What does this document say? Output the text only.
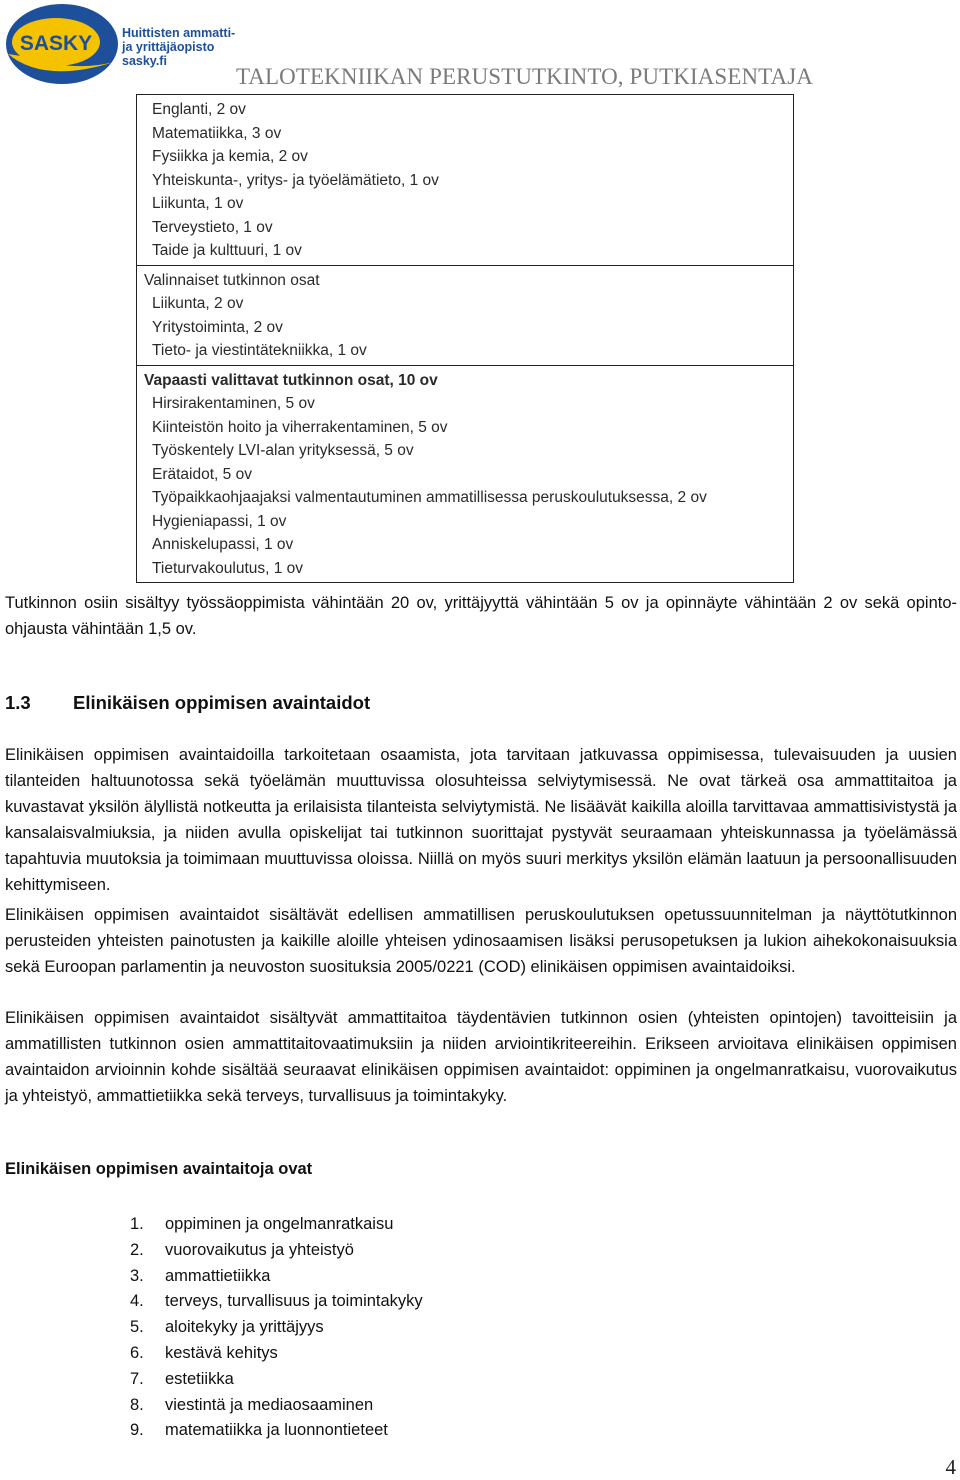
SASKY Huittisten ammatti-
ja yrittäjäopisto
sasky.fi
TALOTEKNIIKAN PERUSTUTKINTO, PUTKIASENTAJA
Englanti, 2 ov
Matematiikka, 3 ov
Fysiikka ja kemia, 2 ov
Yhteiskunta-, yritys- ja työelämätieto, 1 ov
Liikunta, 1 ov
Terveystieto, 1 ov
Taide ja kulttuuri, 1 ov
Valinnaiset tutkinnon osat
Liikunta, 2 ov
Yritystoiminta, 2 ov
Tieto- ja viestintätekniikka, 1 ov
Vapaasti valittavat tutkinnon osat, 10 ov
Hirsirakentaminen, 5 ov
Kiinteistön hoito ja viherrakentaminen, 5 ov
Työskentely LVI-alan yrityksessä, 5 ov
Erätaidot, 5 ov
Työpaikkaohjaajaksi valmentautuminen ammatillisessa peruskoulutuksessa, 2 ov
Hygieniapassi, 1 ov
Anniskelupassi, 1 ov
Tieturvakoulutus, 1 ov

Tutkinnon osiin sisältyy työssäoppimista vähintään 20 ov, yrittäjyyttä vähintään 5 ov ja opinnäyte vähintään 2 ov sekä opinto-ohjausta vähintään 1,5 ov.

1.3 Elinikäisen oppimisen avaintaidot

Elinikäisen oppimisen avaintaidoilla tarkoitetaan osaamista, jota tarvitaan jatkuvassa oppimisessa, tulevaisuuden ja uusien tilanteiden haltuunotossa sekä työelämän muuttuvissa olosuhteissa selviytymisessä. Ne ovat tärkeä osa ammattitaitoa ja kuvastavat yksilön älyllistä notkeutta ja erilaisista tilanteista selviytymistä. Ne lisäävät kaikilla aloilla tarvittavaa ammattisivistystä ja kansalaisvalmiuksia, ja niiden avulla opiskelijat tai tutkinnon suorittajat pystyvät seuraamaan yhteiskunnassa ja työelämässä tapahtuvia muutoksia ja toimimaan muuttuvissa oloissa. Niillä on myös suuri merkitys yksilön elämän laatuun ja persoonallisuuden kehittymiseen.

Elinikäisen oppimisen avaintaidot sisältävät edellisen ammatillisen peruskoulutuksen opetussuunnitelman ja näyttötutkinnon perusteiden yhteisten painotusten ja kaikille aloille yhteisen ydinosaamisen lisäksi perusopetuksen ja lukion aihekokonaisuuksia sekä Euroopan parlamentin ja neuvoston suosituksia 2005/0221 (COD) elinikäisen oppimisen avaintaidoiksi.

Elinikäisen oppimisen avaintaidot sisältyvät ammattitaitoa täydentävien tutkinnon osien (yhteisten opintojen) tavoitteisiin ja ammatillisten tutkinnon osien ammattitaitovaatimuksiin ja niiden arviointikriteereihin. Erikseen arvioitava elinikäisen oppimisen avaintaidon arvioinnin kohde sisältää seuraavat elinikäisen oppimisen avaintaidot: oppiminen ja ongelmanratkaisu, vuorovaikutus ja yhteistyö, ammattietiikka sekä terveys, turvallisuus ja toimintakyky.

Elinikäisen oppimisen avaintaitoja ovat
1. oppiminen ja ongelmanratkaisu
2. vuorovaikutus ja yhteistyö
3. ammattietiikka
4. terveys, turvallisuus ja toimintakyky
5. aloitekyky ja yrittäjyys
6. kestävä kehitys
7. estetiikka
8. viestintä ja mediaosaaminen
9. matematiikka ja luonnontieteet
4
